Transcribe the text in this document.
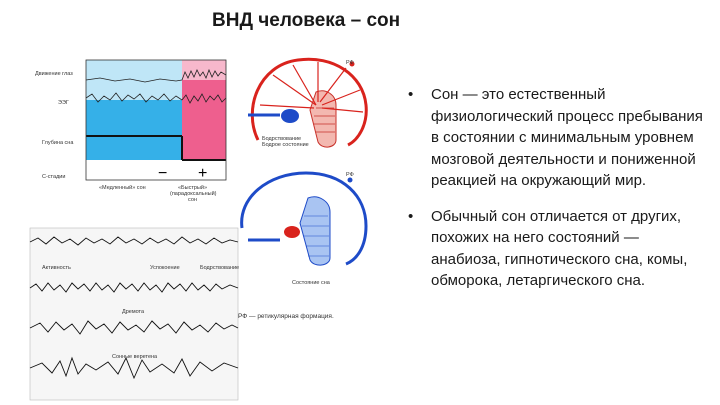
ВНД человека – сон
− +
Движение глаз
ЭЭГ
Глубина сна
С-стадии
«Медленный» сон	«Быстрый» (парадоксальный) сон
Активность	Успокоение	Бодрствование
Дремота
Сонные веретена
РФ
Бодрствование
Бодрое состояние
РФ
Состояние сна
РФ — ретикулярная формация.
• Сон — это естественный физиологический процесс пребывания в состоянии с минимальным уровнем мозговой деятельности и пониженной реакцией на окружающий мир.
• Обычный сон отличается от других, похожих на него состояний — анабиоза, гипнотического сна, комы, обморока, летаргического сна.
